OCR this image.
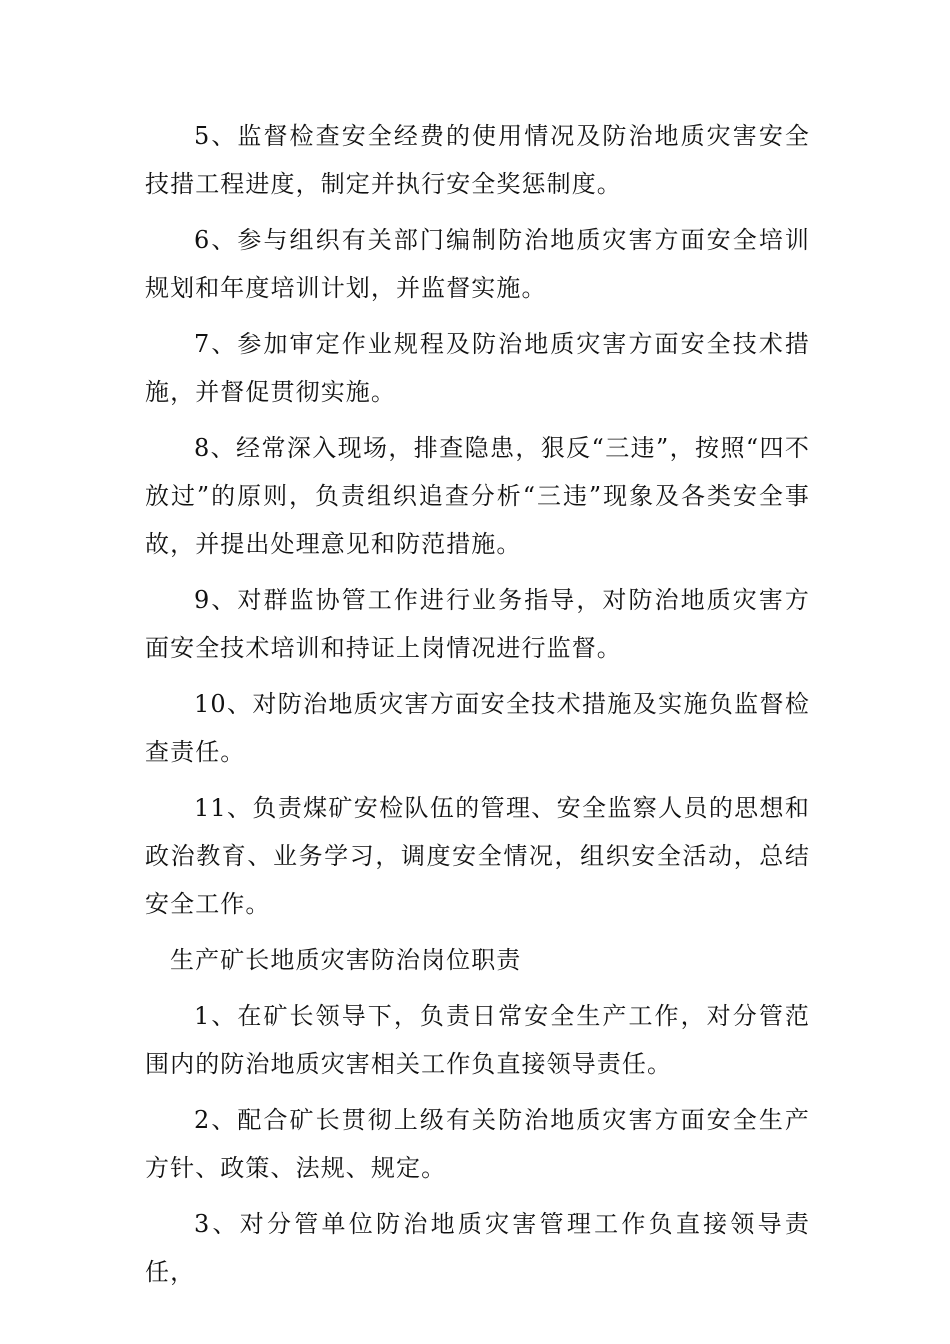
5、监督检查安全经费的使用情况及防治地质灾害安全技措工程进度，制定并执行安全奖惩制度。

6、参与组织有关部门编制防治地质灾害方面安全培训规划和年度培训计划，并监督实施。

7、参加审定作业规程及防治地质灾害方面安全技术措施，并督促贯彻实施。

8、经常深入现场，排查隐患，狠反“三违”，按照“四不放过”的原则，负责组织追查分析“三违”现象及各类安全事故，并提出处理意见和防范措施。

9、对群监协管工作进行业务指导，对防治地质灾害方面安全技术培训和持证上岗情况进行监督。

10、对防治地质灾害方面安全技术措施及实施负监督检查责任。

11、负责煤矿安检队伍的管理、安全监察人员的思想和政治教育、业务学习，调度安全情况，组织安全活动，总结安全工作。

生产矿长地质灾害防治岗位职责

1、在矿长领导下，负责日常安全生产工作，对分管范围内的防治地质灾害相关工作负直接领导责任。

2、配合矿长贯彻上级有关防治地质灾害方面安全生产方针、政策、法规、规定。

3、对分管单位防治地质灾害管理工作负直接领导责任，
